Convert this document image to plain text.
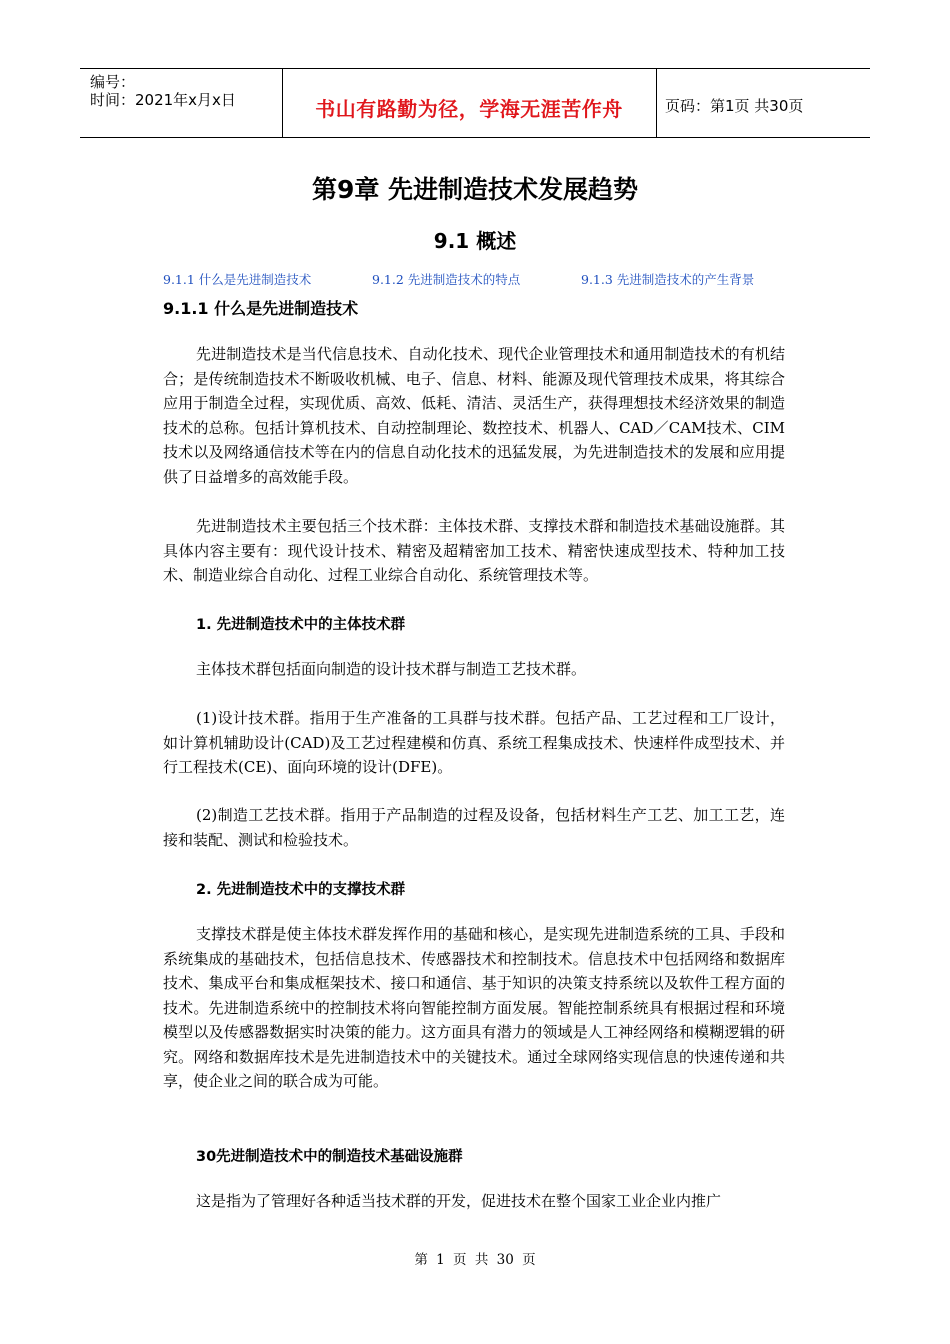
编号：
时间：2021年x月x日	书山有路勤为径，学海无涯苦作舟	页码：第1页 共30页
第9章 先进制造技术发展趋势
9.1 概述
9.1.1 什么是先进制造技术	9.1.2 先进制造技术的特点	9.1.3 先进制造技术的产生背景
9.1.1 什么是先进制造技术

先进制造技术是当代信息技术、自动化技术、现代企业管理技术和通用制造技术的有机结合；是传统制造技术不断吸收机械、电子、信息、材料、能源及现代管理技术成果，将其综合应用于制造全过程，实现优质、高效、低耗、清洁、灵活生产，获得理想技术经济效果的制造技术的总称。包括计算机技术、自动控制理论、数控技术、机器人、CAD／CAM技术、CIM技术以及网络通信技术等在内的信息自动化技术的迅猛发展，为先进制造技术的发展和应用提供了日益增多的高效能手段。

先进制造技术主要包括三个技术群：主体技术群、支撑技术群和制造技术基础设施群。其具体内容主要有：现代设计技术、精密及超精密加工技术、精密快速成型技术、特种加工技术、制造业综合自动化、过程工业综合自动化、系统管理技术等。

1. 先进制造技术中的主体技术群

主体技术群包括面向制造的设计技术群与制造工艺技术群。

(1)设计技术群。指用于生产准备的工具群与技术群。包括产品、工艺过程和工厂设计，如计算机辅助设计(CAD)及工艺过程建模和仿真、系统工程集成技术、快速样件成型技术、并行工程技术(CE)、面向环境的设计(DFE)。

(2)制造工艺技术群。指用于产品制造的过程及设备，包括材料生产工艺、加工工艺，连接和装配、测试和检验技术。

2. 先进制造技术中的支撑技术群

支撑技术群是使主体技术群发挥作用的基础和核心，是实现先进制造系统的工具、手段和系统集成的基础技术，包括信息技术、传感器技术和控制技术。信息技术中包括网络和数据库技术、集成平台和集成框架技术、接口和通信、基于知识的决策支持系统以及软件工程方面的技术。先进制造系统中的控制技术将向智能控制方面发展。智能控制系统具有根据过程和环境模型以及传感器数据实时决策的能力。这方面具有潜力的领域是人工神经网络和模糊逻辑的研究。网络和数据库技术是先进制造技术中的关键技术。通过全球网络实现信息的快速传递和共享，使企业之间的联合成为可能。

30先进制造技术中的制造技术基础设施群

这是指为了管理好各种适当技术群的开发，促进技术在整个国家工业企业内推广

第 1 页 共 30 页
